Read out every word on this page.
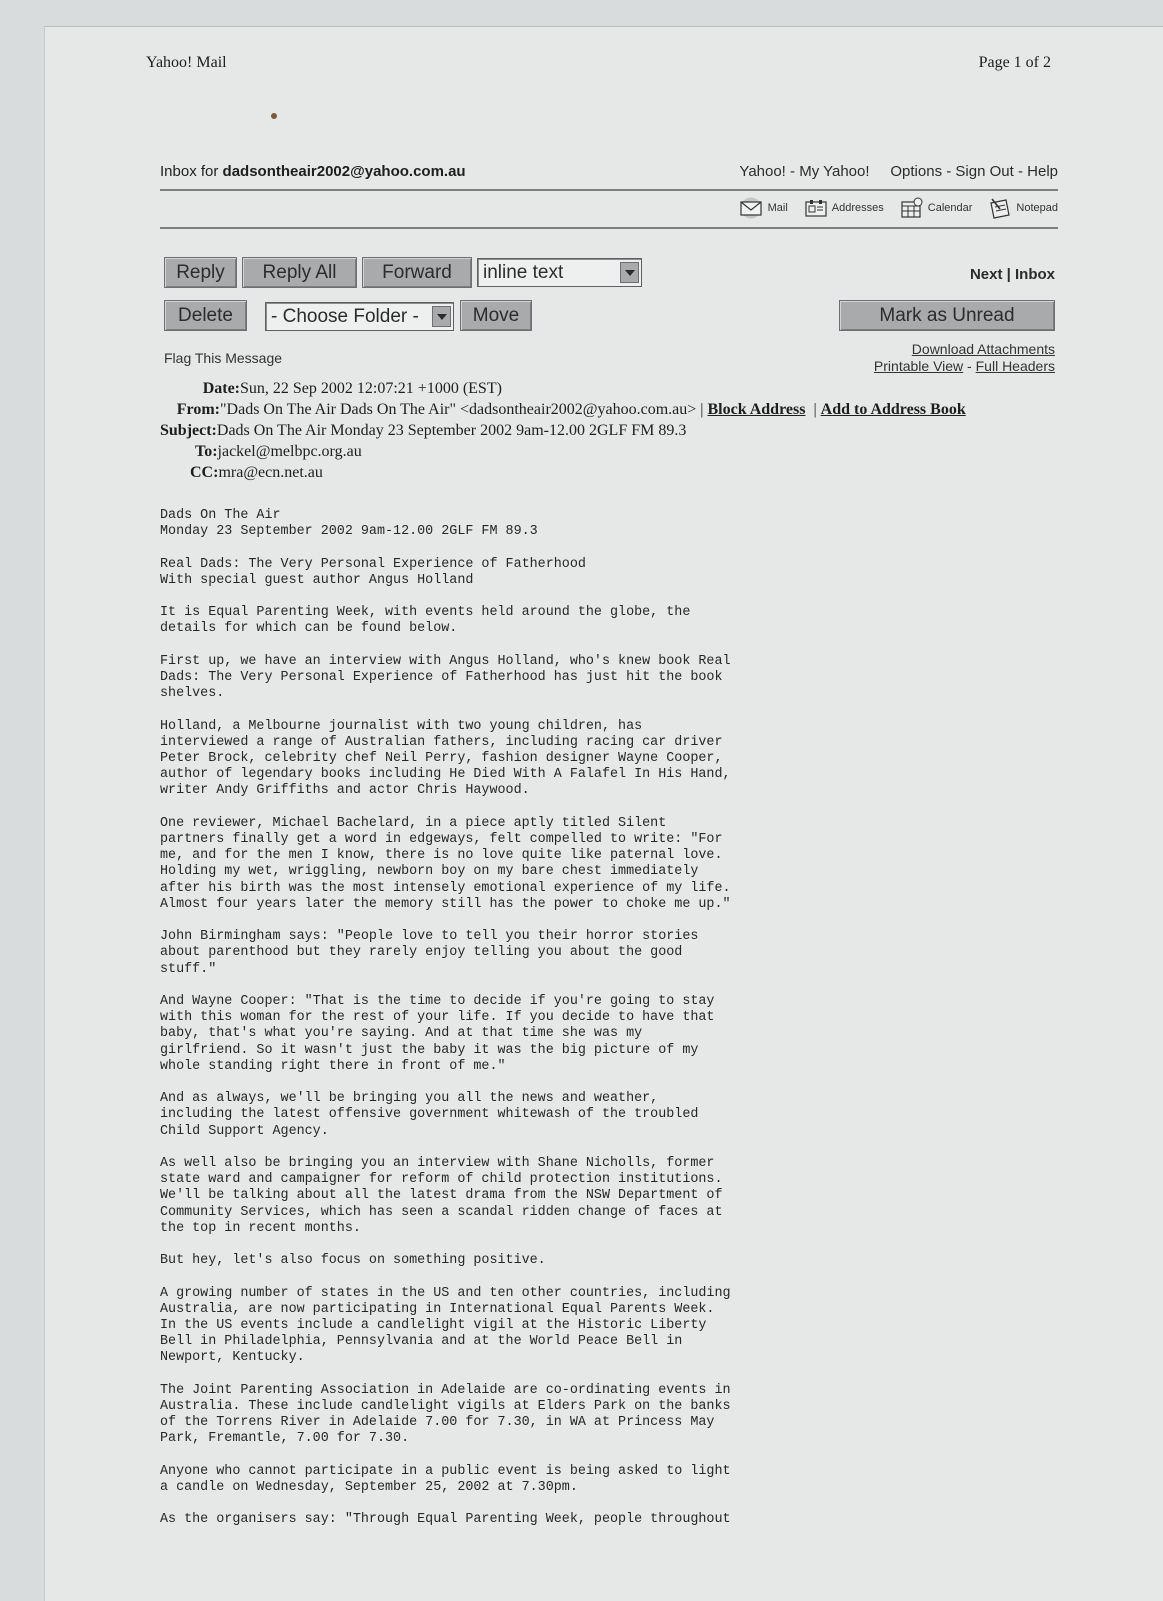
Yahoo! Mail	Page 1 of 2
Inbox for dadsontheair2002@yahoo.com.au	Yahoo! - My Yahoo! Options - Sign Out - Help
Mail	Addresses	Calendar	Notepad
Reply	Reply All	Forward	inline text	Next | Inbox
Delete	- Choose Folder -	Move	Mark as Unread
Flag This Message
Download Attachments
Printable View - Full Headers
Date: Sun, 22 Sep 2002 12:07:21 +1000 (EST)
From: "Dads On The Air Dads On The Air" <dadsontheair2002@yahoo.com.au> | Block Address | Add to Address Book
Subject: Dads On The Air Monday 23 September 2002 9am-12.00 2GLF FM 89.3
To: jackel@melbpc.org.au
CC: mra@ecn.net.au

Dads On The Air
Monday 23 September 2002 9am-12.00 2GLF FM 89.3

Real Dads: The Very Personal Experience of Fatherhood
With special guest author Angus Holland

It is Equal Parenting Week, with events held around the globe, the
details for which can be found below.

First up, we have an interview with Angus Holland, who's knew book Real
Dads: The Very Personal Experience of Fatherhood has just hit the book
shelves.

Holland, a Melbourne journalist with two young children, has
interviewed a range of Australian fathers, including racing car driver
Peter Brock, celebrity chef Neil Perry, fashion designer Wayne Cooper,
author of legendary books including He Died With A Falafel In His Hand,
writer Andy Griffiths and actor Chris Haywood.

One reviewer, Michael Bachelard, in a piece aptly titled Silent
partners finally get a word in edgeways, felt compelled to write: "For
me, and for the men I know, there is no love quite like paternal love.
Holding my wet, wriggling, newborn boy on my bare chest immediately
after his birth was the most intensely emotional experience of my life.
Almost four years later the memory still has the power to choke me up."

John Birmingham says: "People love to tell you their horror stories
about parenthood but they rarely enjoy telling you about the good
stuff."

And Wayne Cooper: "That is the time to decide if you're going to stay
with this woman for the rest of your life. If you decide to have that
baby, that's what you're saying. And at that time she was my
girlfriend. So it wasn't just the baby it was the big picture of my
whole standing right there in front of me."

And as always, we'll be bringing you all the news and weather,
including the latest offensive government whitewash of the troubled
Child Support Agency.

As well also be bringing you an interview with Shane Nicholls, former
state ward and campaigner for reform of child protection institutions.
We'll be talking about all the latest drama from the NSW Department of
Community Services, which has seen a scandal ridden change of faces at
the top in recent months.

But hey, let's also focus on something positive.

A growing number of states in the US and ten other countries, including
Australia, are now participating in International Equal Parents Week.
In the US events include a candlelight vigil at the Historic Liberty
Bell in Philadelphia, Pennsylvania and at the World Peace Bell in
Newport, Kentucky.

The Joint Parenting Association in Adelaide are co-ordinating events in
Australia. These include candlelight vigils at Elders Park on the banks
of the Torrens River in Adelaide 7.00 for 7.30, in WA at Princess May
Park, Fremantle, 7.00 for 7.30.

Anyone who cannot participate in a public event is being asked to light
a candle on Wednesday, September 25, 2002 at 7.30pm.

As the organisers say: "Through Equal Parenting Week, people throughout
